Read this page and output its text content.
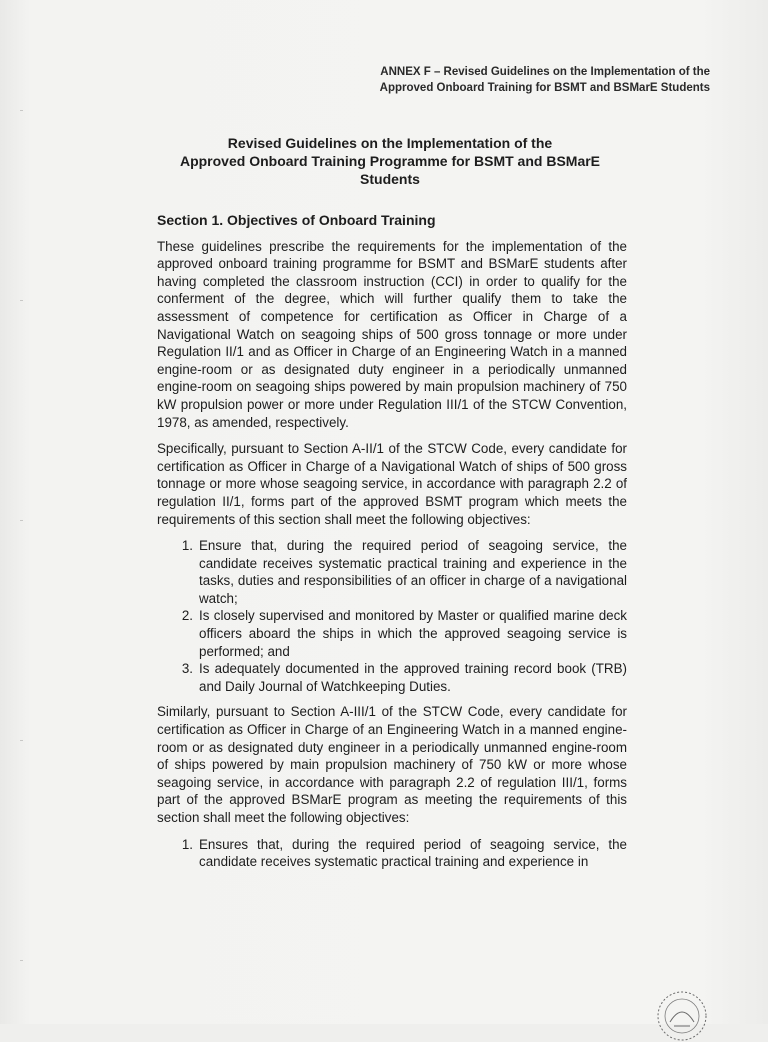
ANNEX F – Revised Guidelines on the Implementation of the
Approved Onboard Training for BSMT and BSMarE Students
Revised Guidelines on the Implementation of the
Approved Onboard Training Programme for BSMT and BSMarE
Students
Section 1. Objectives of Onboard Training

These guidelines prescribe the requirements for the implementation of the approved onboard training programme for BSMT and BSMarE students after having completed the classroom instruction (CCI) in order to qualify for the conferment of the degree, which will further qualify them to take the assessment of competence for certification as Officer in Charge of a Navigational Watch on seagoing ships of 500 gross tonnage or more under Regulation II/1 and as Officer in Charge of an Engineering Watch in a manned engine-room or as designated duty engineer in a periodically unmanned engine-room on seagoing ships powered by main propulsion machinery of 750 kW propulsion power or more under Regulation III/1 of the STCW Convention, 1978, as amended, respectively.

Specifically, pursuant to Section A-II/1 of the STCW Code, every candidate for certification as Officer in Charge of a Navigational Watch of ships of 500 gross tonnage or more whose seagoing service, in accordance with paragraph 2.2 of regulation II/1, forms part of the approved BSMT program which meets the requirements of this section shall meet the following objectives:

1. Ensure that, during the required period of seagoing service, the candidate receives systematic practical training and experience in the tasks, duties and responsibilities of an officer in charge of a navigational watch;
2. Is closely supervised and monitored by Master or qualified marine deck officers aboard the ships in which the approved seagoing service is performed; and
3. Is adequately documented in the approved training record book (TRB) and Daily Journal of Watchkeeping Duties.

Similarly, pursuant to Section A-III/1 of the STCW Code, every candidate for certification as Officer in Charge of an Engineering Watch in a manned engine-room or as designated duty engineer in a periodically unmanned engine-room of ships powered by main propulsion machinery of 750 kW or more whose seagoing service, in accordance with paragraph 2.2 of regulation III/1, forms part of the approved BSMarE program as meeting the requirements of this section shall meet the following objectives:

1. Ensures that, during the required period of seagoing service, the candidate receives systematic practical training and experience in
